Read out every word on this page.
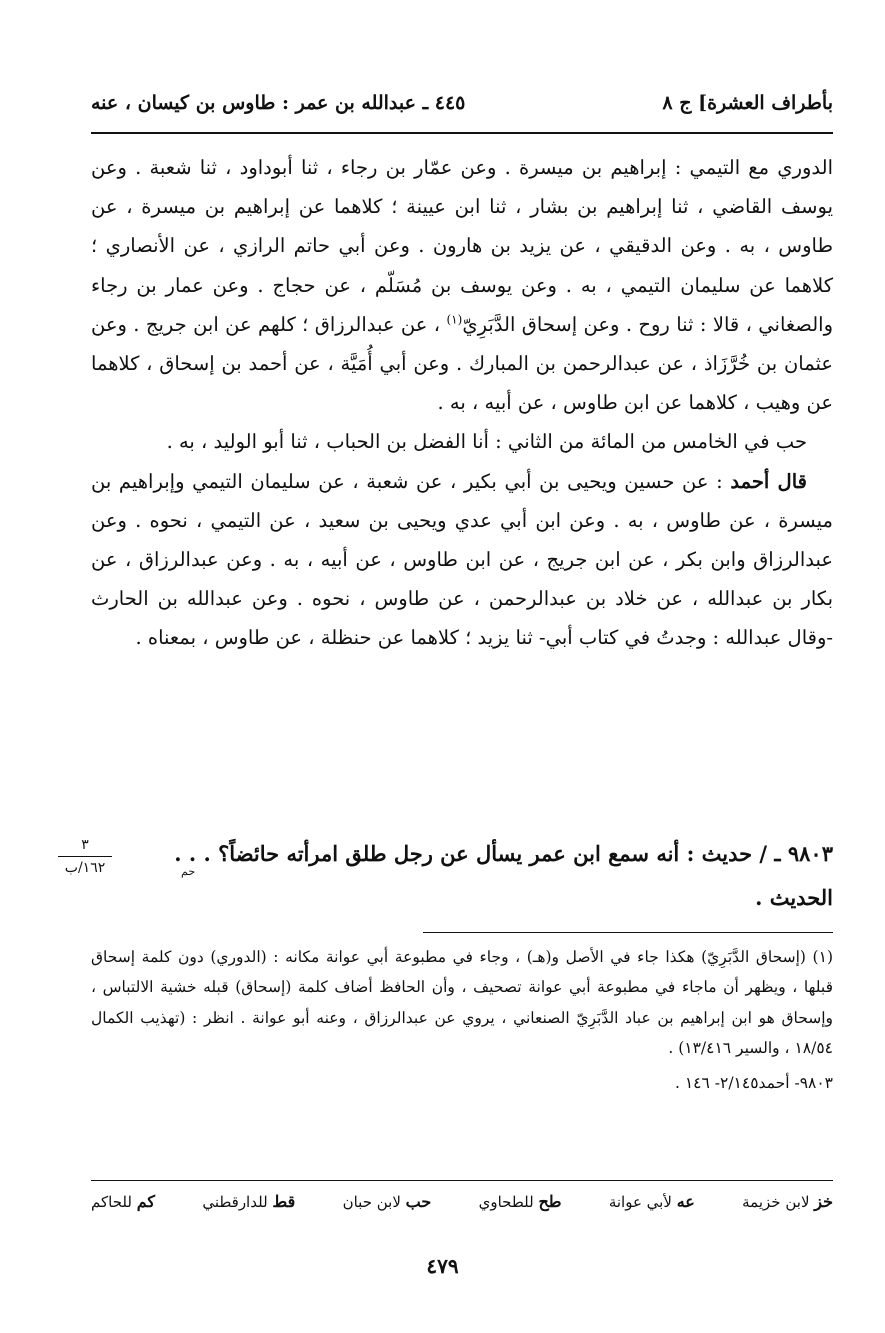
بأطراف العشرة] ج ٨
٤٤٥ ـ عبدالله بن عمر : طاوس بن كيسان ، عنه

الدوري مع التيمي : إبراهيم بن ميسرة . وعن عمّار بن رجاء ، ثنا أبوداود ، ثنا شعبة . وعن يوسف القاضي ، ثنا إبراهيم بن بشار ، ثنا ابن عيينة ؛ كلاهما عن إبراهيم بن ميسرة ، عن طاوس ، به . وعن الدقيقي ، عن يزيد بن هارون . وعن أبي حاتم الرازي ، عن الأنصاري ؛ كلاهما عن سليمان التيمي ، به . وعن يوسف بن مُسَلّم ، عن حجاج . وعن عمار بن رجاء والصغاني ، قالا : ثنا روح . وعن إسحاق الدَّبَرِيّ$^{(١)}$ ، عن عبدالرزاق ؛ كلهم عن ابن جريج . وعن عثمان بن خُرَّزَاذ ، عن عبدالرحمن بن المبارك . وعن أبي أُمَيَّة ، عن أحمد بن إسحاق ، كلاهما عن وهيب ، كلاهما عن ابن طاوس ، عن أبيه ، به .

حب في الخامس من المائة من الثاني : أنا الفضل بن الحباب ، ثنا أبو الوليد ، به .

قال أحمد : عن حسين ويحيى بن أبي بكير ، عن شعبة ، عن سليمان التيمي وإبراهيم بن ميسرة ، عن طاوس ، به . وعن ابن أبي عدي ويحيى بن سعيد ، عن التيمي ، نحوه . وعن عبدالرزاق وابن بكر ، عن ابن جريج ، عن ابن طاوس ، عن أبيه ، به . وعن عبدالرزاق ، عن بكار بن عبدالله ، عن خلاد بن عبدالرحمن ، عن طاوس ، نحوه . وعن عبدالله بن الحارث -وقال عبدالله : وجدتُ في كتاب أبي- ثنا يزيد ؛ كلاهما عن حنظلة ، عن طاوس ، بمعناه .

٩٨٠٣ ـ / حديث : أنه سمع ابن عمر يسأل عن رجل طلق امرأته حائضاً؟ . . . الحديث .
حم
٣
١٦٢/ب

(١) (إسحاق الدَّبَرِيّ) هكذا جاء في الأصل و(هـ) ، وجاء في مطبوعة أبي عوانة مكانه : (الدوري) دون كلمة إسحاق قبلها ، ويظهر أن ماجاء في مطبوعة أبي عوانة تصحيف ، وأن الحافظ أضاف كلمة (إسحاق) قبله خشية الالتباس ، وإسحاق هو ابن إبراهيم بن عباد الدَّبَرِيّ الصنعاني ، يروي عن عبدالرزاق ، وعنه أبو عوانة . انظر : (تهذيب الكمال ١٨/٥٤ ، والسير ١٣/٤١٦) .

٩٨٠٣- أحمد٢/١٤٥- ١٤٦ .

خز لابن خزيمة
عه لأبي عوانة
طح للطحاوي
حب لابن حبان
قط للدارقطني
كم للحاكم
٤٧٩
